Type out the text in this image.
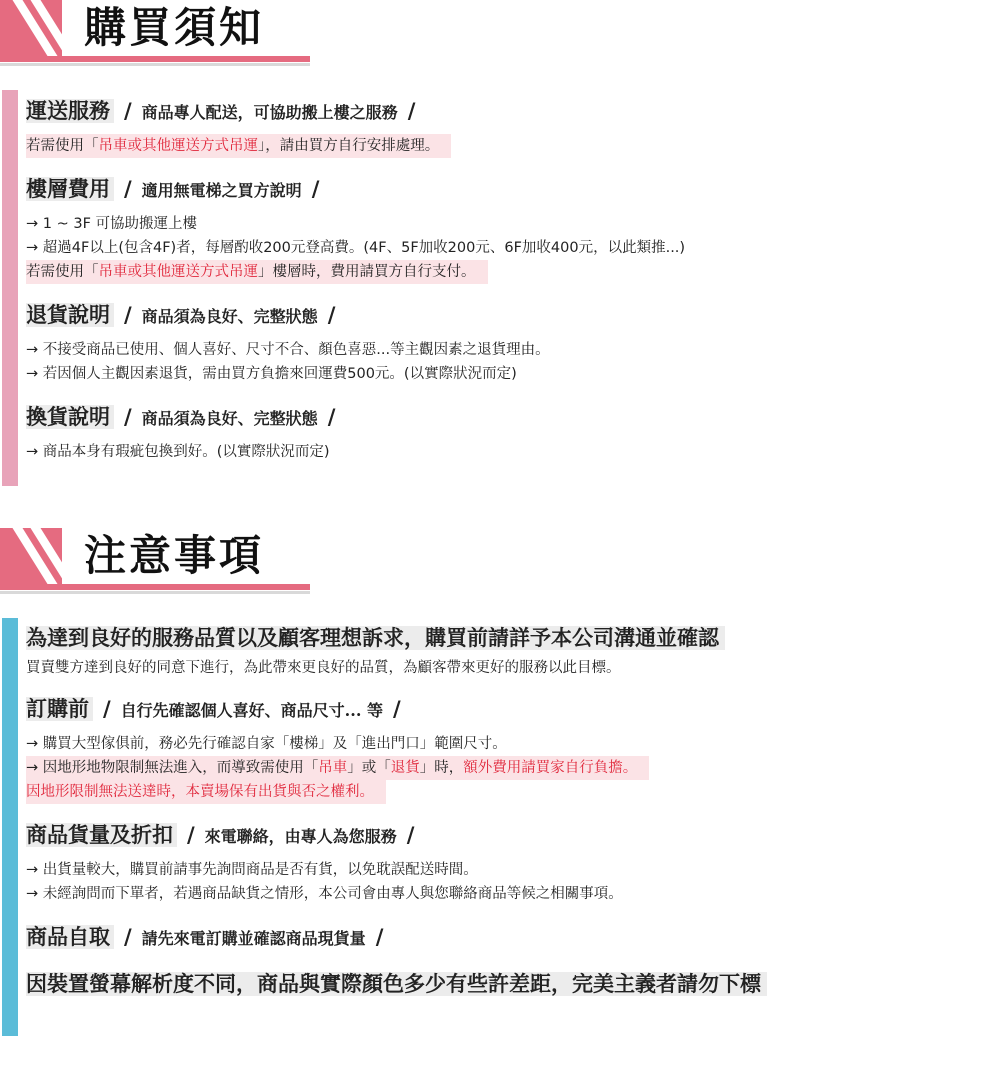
購買須知
運送服務 / 商品專人配送，可協助搬上樓之服務 /
若需使用「吊車或其他運送方式吊運」，請由買方自行安排處理。
樓層費用 / 適用無電梯之買方說明 /
→ 1 ~ 3F 可協助搬運上樓
→ 超過4F以上(包含4F)者，每層酌收200元登高費。(4F、5F加收200元、6F加收400元，以此類推...)
若需使用「吊車或其他運送方式吊運」樓層時，費用請買方自行支付。
退貨說明 / 商品須為良好、完整狀態 /
→ 不接受商品已使用、個人喜好、尺寸不合、顏色喜惡...等主觀因素之退貨理由。
→ 若因個人主觀因素退貨，需由買方負擔來回運費500元。(以實際狀況而定)
換貨說明 / 商品須為良好、完整狀態 /
→ 商品本身有瑕疵包換到好。(以實際狀況而定)
注意事項
為達到良好的服務品質以及顧客理想訴求，購買前請詳予本公司溝通並確認
買賣雙方達到良好的同意下進行，為此帶來更良好的品質，為顧客帶來更好的服務以此目標。
訂購前 / 自行先確認個人喜好、商品尺寸... 等 /
→ 購買大型傢俱前，務必先行確認自家「樓梯」及「進出門口」範圍尺寸。
→ 因地形地物限制無法進入，而導致需使用「吊車」或「退貨」時，額外費用請買家自行負擔。
因地形限制無法送達時，本賣場保有出貨與否之權利。
商品貨量及折扣 / 來電聯絡，由專人為您服務 /
→ 出貨量較大，購買前請事先詢問商品是否有貨，以免耽誤配送時間。
→ 未經詢問而下單者，若遇商品缺貨之情形，本公司會由專人與您聯絡商品等候之相關事項。
商品自取 / 請先來電訂購並確認商品現貨量 /
因裝置螢幕解析度不同，商品與實際顏色多少有些許差距，完美主義者請勿下標
